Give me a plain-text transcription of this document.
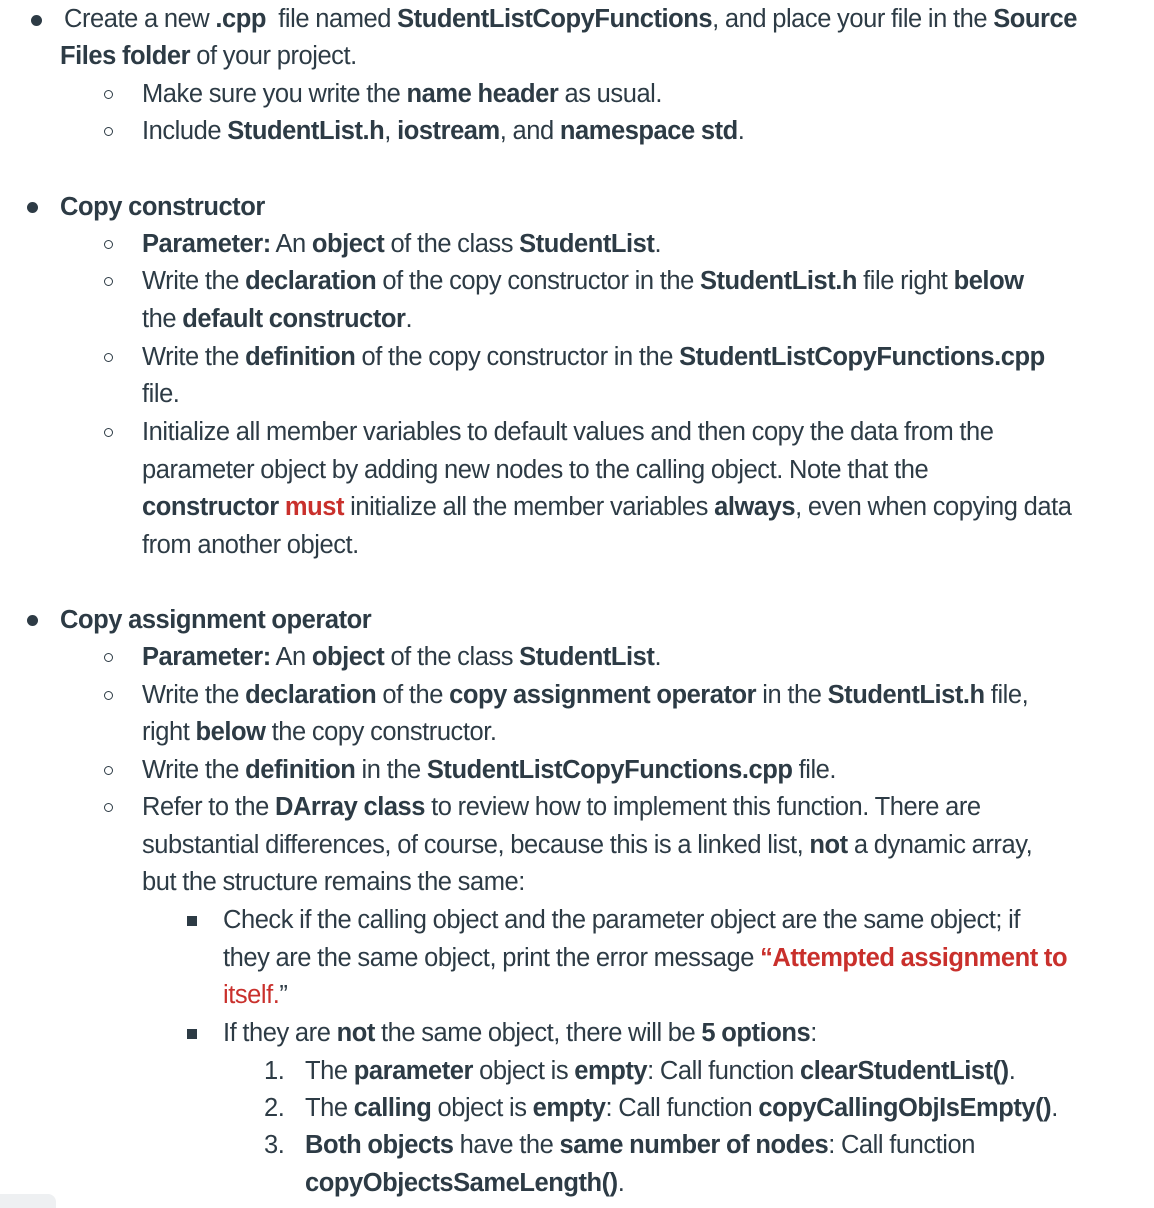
Create a new .cpp  file named StudentListCopyFunctions, and place your file in the Source
Files folder of your project.
Make sure you write the name header as usual.
Include StudentList.h, iostream, and namespace std.
Copy constructor
Parameter: An object of the class StudentList.
Write the declaration of the copy constructor in the StudentList.h file right below
the default constructor.
Write the definition of the copy constructor in the StudentListCopyFunctions.cpp
file.
Initialize all member variables to default values and then copy the data from the
parameter object by adding new nodes to the calling object. Note that the
constructor must initialize all the member variables always, even when copying data
from another object.
Copy assignment operator
Parameter: An object of the class StudentList.
Write the declaration of the copy assignment operator in the StudentList.h file,
right below the copy constructor.
Write the definition in the StudentListCopyFunctions.cpp file.
Refer to the DArray class to review how to implement this function. There are
substantial differences, of course, because this is a linked list, not a dynamic array,
but the structure remains the same:
Check if the calling object and the parameter object are the same object; if
they are the same object, print the error message “Attempted assignment to
itself.”
If they are not the same object, there will be 5 options:
1. The parameter object is empty: Call function clearStudentList().
2. The calling object is empty: Call function copyCallingObjIsEmpty().
3. Both objects have the same number of nodes: Call function
copyObjectsSameLength().
